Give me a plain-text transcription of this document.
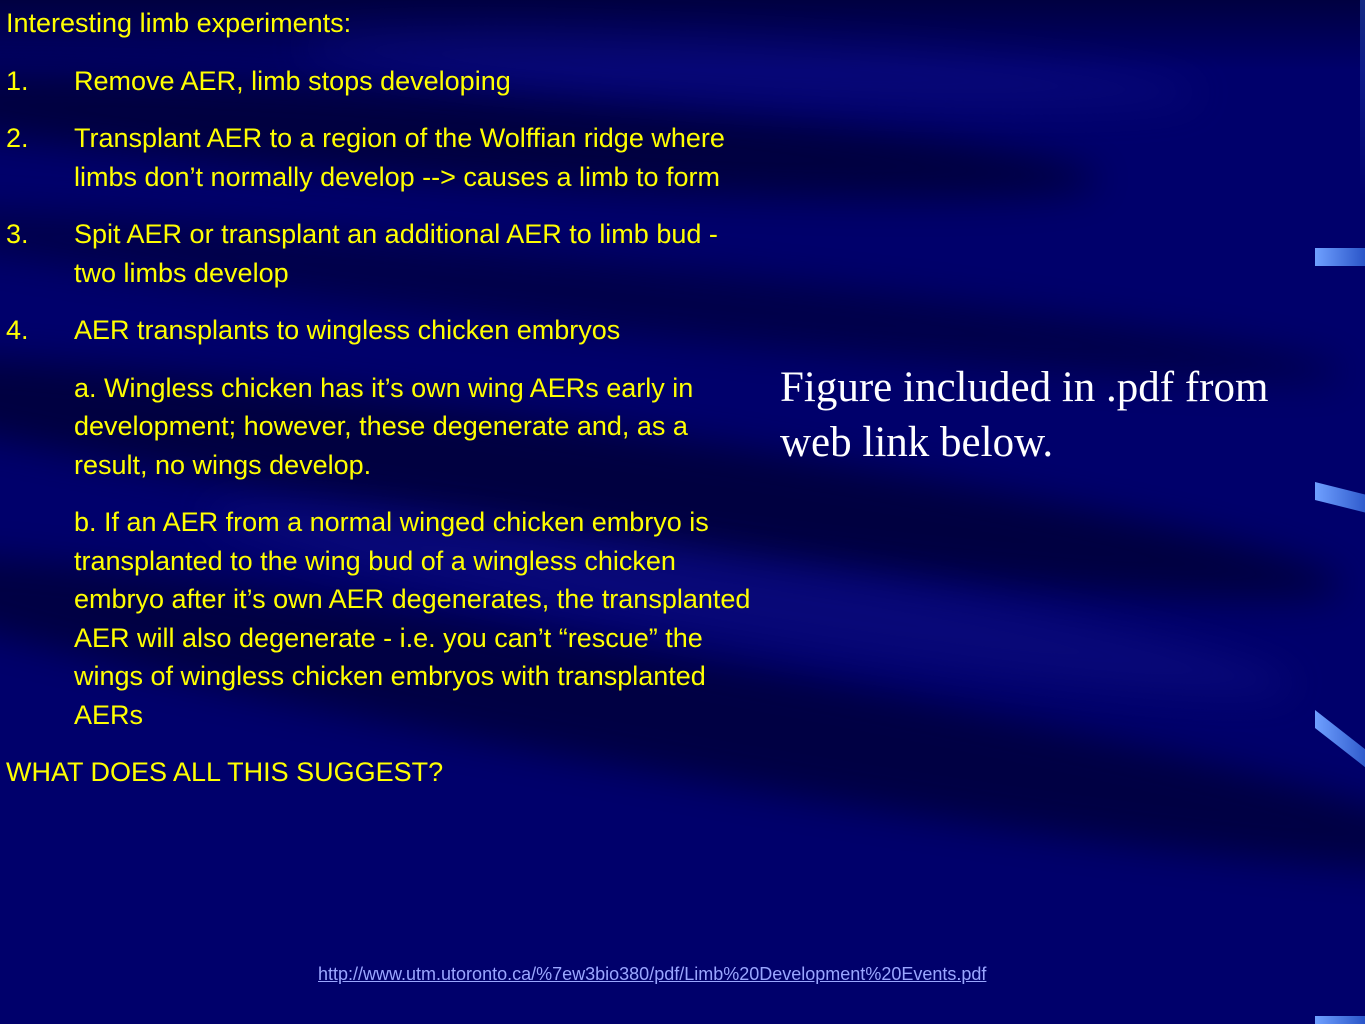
Interesting limb experiments:

1.	Remove AER, limb stops developing
2.	Transplant AER to a region of the Wolffian ridge where limbs don’t normally develop --> causes a limb to form
3.	Spit AER or transplant an additional AER to limb bud - two limbs develop
4.	AER transplants to wingless chicken embryos

a. Wingless chicken has it’s own wing AERs early in development; however, these degenerate and, as a result, no wings develop.

b. If an AER from a normal winged chicken embryo is transplanted to the wing bud of a wingless chicken embryo after it’s own AER degenerates, the transplanted AER will also degenerate - i.e. you can’t “rescue” the wings of wingless chicken embryos with transplanted AERs

WHAT DOES ALL THIS SUGGEST?

Figure included in .pdf from web link below.
http://www.utm.utoronto.ca/%7ew3bio380/pdf/Limb%20Development%20Events.pdf
